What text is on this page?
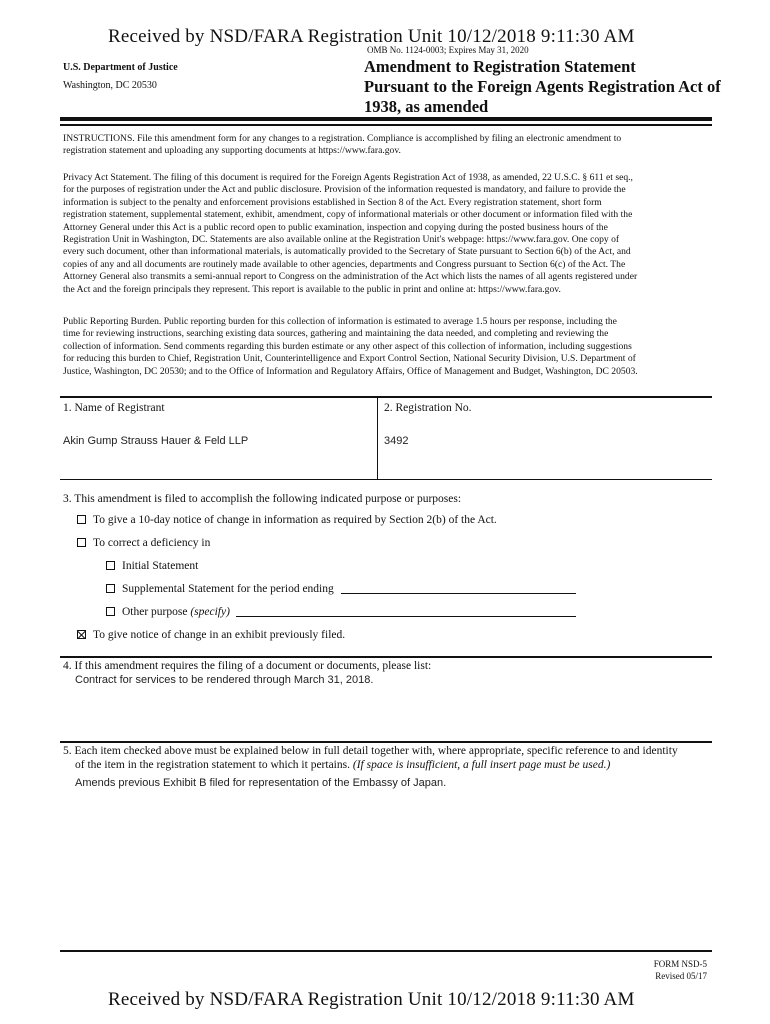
Received by NSD/FARA Registration Unit 10/12/2018 9:11:30 AM
OMB No. 1124-0003; Expires May 31, 2020
U.S. Department of Justice
Washington, DC 20530
Amendment to Registration Statement
Pursuant to the Foreign Agents Registration Act of
1938, as amended
INSTRUCTIONS. File this amendment form for any changes to a registration. Compliance is accomplished by filing an electronic amendment to
registration statement and uploading any supporting documents at https://www.fara.gov.
Privacy Act Statement. The filing of this document is required for the Foreign Agents Registration Act of 1938, as amended, 22 U.S.C. § 611 et seq.,
for the purposes of registration under the Act and public disclosure. Provision of the information requested is mandatory, and failure to provide the
information is subject to the penalty and enforcement provisions established in Section 8 of the Act. Every registration statement, short form
registration statement, supplemental statement, exhibit, amendment, copy of informational materials or other document or information filed with the
Attorney General under this Act is a public record open to public examination, inspection and copying during the posted business hours of the
Registration Unit in Washington, DC. Statements are also available online at the Registration Unit's webpage: https://www.fara.gov. One copy of
every such document, other than informational materials, is automatically provided to the Secretary of State pursuant to Section 6(b) of the Act, and
copies of any and all documents are routinely made available to other agencies, departments and Congress pursuant to Section 6(c) of the Act. The
Attorney General also transmits a semi-annual report to Congress on the administration of the Act which lists the names of all agents registered under
the Act and the foreign principals they represent. This report is available to the public in print and online at: https://www.fara.gov.
Public Reporting Burden. Public reporting burden for this collection of information is estimated to average 1.5 hours per response, including the
time for reviewing instructions, searching existing data sources, gathering and maintaining the data needed, and completing and reviewing the
collection of information. Send comments regarding this burden estimate or any other aspect of this collection of information, including suggestions
for reducing this burden to Chief, Registration Unit, Counterintelligence and Export Control Section, National Security Division, U.S. Department of
Justice, Washington, DC 20530; and to the Office of Information and Regulatory Affairs, Office of Management and Budget, Washington, DC 20503.
1. Name of Registrant
Akin Gump Strauss Hauer & Feld LLP
2. Registration No.
3492
3. This amendment is filed to accomplish the following indicated purpose or purposes:
To give a 10-day notice of change in information as required by Section 2(b) of the Act.
To correct a deficiency in
Initial Statement
Supplemental Statement for the period ending
Other purpose (specify)
To give notice of change in an exhibit previously filed.
4. If this amendment requires the filing of a document or documents, please list:
Contract for services to be rendered through March 31, 2018.
5. Each item checked above must be explained below in full detail together with, where appropriate, specific reference to and identity
of the item in the registration statement to which it pertains. (If space is insufficient, a full insert page must be used.)
Amends previous Exhibit B filed for representation of the Embassy of Japan.
FORM NSD-5
Revised 05/17
Received by NSD/FARA Registration Unit 10/12/2018 9:11:30 AM
